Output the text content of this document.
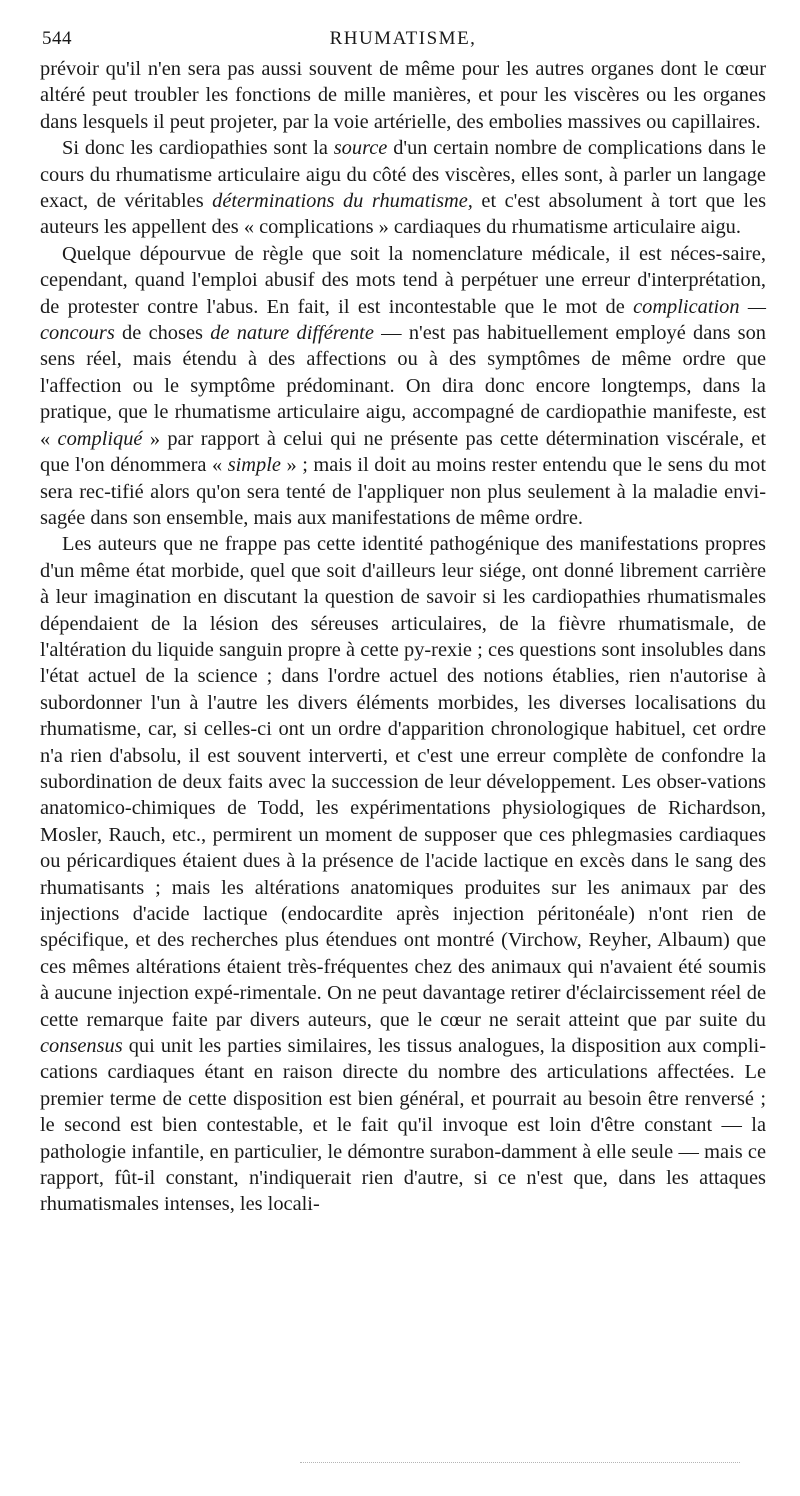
544	RHUMATISME,

prévoir qu'il n'en sera pas aussi souvent de même pour les autres organes dont le cœur altéré peut troubler les fonctions de mille manières, et pour les viscères ou les organes dans lesquels il peut projeter, par la voie artérielle, des embolies massives ou capillaires.

Si donc les cardiopathies sont la source d'un certain nombre de complications dans le cours du rhumatisme articulaire aigu du côté des viscères, elles sont, à parler un langage exact, de véritables déterminations du rhumatisme, et c'est absolument à tort que les auteurs les appellent des « complications » cardiaques du rhumatisme articulaire aigu.

Quelque dépourvue de règle que soit la nomenclature médicale, il est néces-saire, cependant, quand l'emploi abusif des mots tend à perpétuer une erreur d'interprétation, de protester contre l'abus. En fait, il est incontestable que le mot de complication — concours de choses de nature différente — n'est pas habituellement employé dans son sens réel, mais étendu à des affections ou à des symptômes de même ordre que l'affection ou le symptôme prédominant. On dira donc encore longtemps, dans la pratique, que le rhumatisme articulaire aigu, accompagné de cardiopathie manifeste, est « compliqué » par rapport à celui qui ne présente pas cette détermination viscérale, et que l'on dénommera « simple » ; mais il doit au moins rester entendu que le sens du mot sera rec-tifié alors qu'on sera tenté de l'appliquer non plus seulement à la maladie envi-sagée dans son ensemble, mais aux manifestations de même ordre.

Les auteurs que ne frappe pas cette identité pathogénique des manifestations propres d'un même état morbide, quel que soit d'ailleurs leur siége, ont donné librement carrière à leur imagination en discutant la question de savoir si les cardiopathies rhumatismales dépendaient de la lésion des séreuses articulaires, de la fièvre rhumatismale, de l'altération du liquide sanguin propre à cette py-rexie ; ces questions sont insolubles dans l'état actuel de la science ; dans l'ordre actuel des notions établies, rien n'autorise à subordonner l'un à l'autre les divers éléments morbides, les diverses localisations du rhumatisme, car, si celles-ci ont un ordre d'apparition chronologique habituel, cet ordre n'a rien d'absolu, il est souvent interverti, et c'est une erreur complète de confondre la subordination de deux faits avec la succession de leur développement. Les obser-vations anatomico-chimiques de Todd, les expérimentations physiologiques de Richardson, Mosler, Rauch, etc., permirent un moment de supposer que ces phlegmasies cardiaques ou péricardiques étaient dues à la présence de l'acide lactique en excès dans le sang des rhumatisants ; mais les altérations anatomiques produites sur les animaux par des injections d'acide lactique (endocardite après injection péritonéale) n'ont rien de spécifique, et des recherches plus étendues ont montré (Virchow, Reyher, Albaum) que ces mêmes altérations étaient très-fréquentes chez des animaux qui n'avaient été soumis à aucune injection expé-rimentale. On ne peut davantage retirer d'éclaircissement réel de cette remarque faite par divers auteurs, que le cœur ne serait atteint que par suite du consensus qui unit les parties similaires, les tissus analogues, la disposition aux compli-cations cardiaques étant en raison directe du nombre des articulations affectées. Le premier terme de cette disposition est bien général, et pourrait au besoin être renversé ; le second est bien contestable, et le fait qu'il invoque est loin d'être constant — la pathologie infantile, en particulier, le démontre surabon-damment à elle seule — mais ce rapport, fût-il constant, n'indiquerait rien d'autre, si ce n'est que, dans les attaques rhumatismales intenses, les locali-
